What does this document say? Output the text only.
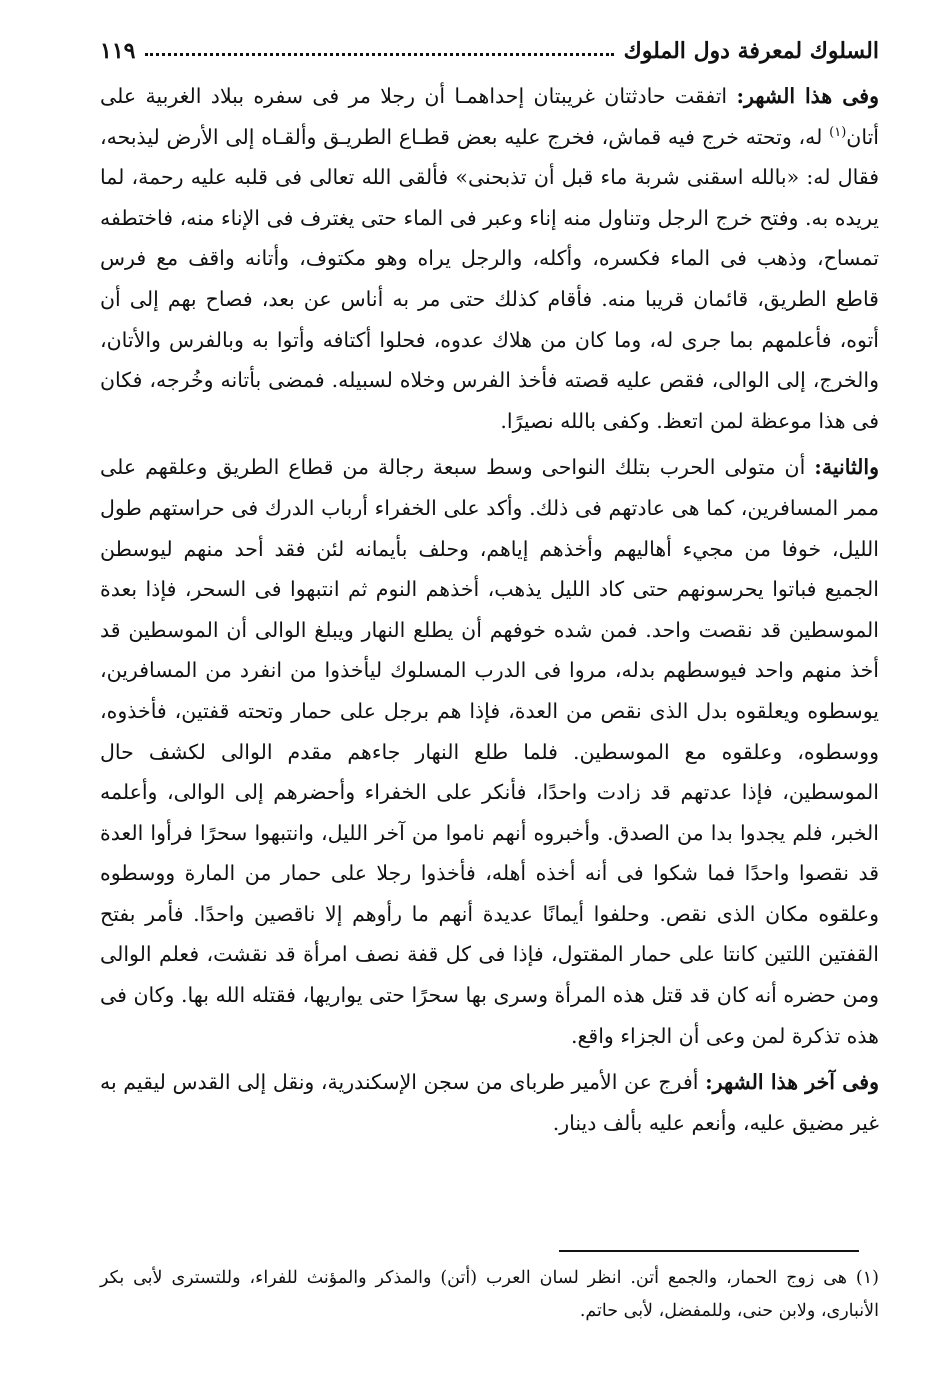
السلوك لمعرفة دول الملوك
١١٩

وفى هذا الشهر: اتفقت حادثتان غريبتان إحداهمـا أن رجلا مر فى سفره ببلاد الغربية على أتان$^{(١)}$ له، وتحته خرج فيه قماش، فخرج عليه بعض قطـاع الطريـق وألقـاه إلى الأرض ليذبحه، فقال له: «بالله اسقنى شربة ماء قبل أن تذبحنى» فألقى الله تعالى فى قلبه عليه رحمة، لما يريده به. وفتح خرج الرجل وتناول منه إناء وعبر فى الماء حتى يغترف فى الإناء منه، فاختطفه تمساح، وذهب فى الماء فكسره، وأكله، والرجل يراه وهو مكتوف، وأتانه واقف مع فرس قاطع الطريق، قائمان قريبا منه. فأقام كذلك حتى مر به أناس عن بعد، فصاح بهم إلى أن أتوه، فأعلمهم بما جرى له، وما كان من هلاك عدوه، فحلوا أكتافه وأتوا به وبالفرس والأتان، والخرج، إلى الوالى، فقص عليه قصته فأخذ الفرس وخلاه لسبيله. فمضى بأتانه وخُرجه، فكان فى هذا موعظة لمن اتعظ. وكفى بالله نصيرًا.

والثانية: أن متولى الحرب بتلك النواحى وسط سبعة رجالة من قطاع الطريق وعلقهم على ممر المسافرين، كما هى عادتهم فى ذلك. وأكد على الخفراء أرباب الدرك فى حراستهم طول الليل، خوفا من مجيء أهاليهم وأخذهم إياهم، وحلف بأيمانه لئن فقد أحد منهم ليوسطن الجميع فباتوا يحرسونهم حتى كاد الليل يذهب، أخذهم النوم ثم انتبهوا فى السحر، فإذا بعدة الموسطين قد نقصت واحد. فمن شده خوفهم أن يطلع النهار ويبلغ الوالى أن الموسطين قد أخذ منهم واحد فيوسطهم بدله، مروا فى الدرب المسلوك ليأخذوا من انفرد من المسافرين، يوسطوه ويعلقوه بدل الذى نقص من العدة، فإذا هم برجل على حمار وتحته قفتين، فأخذوه، ووسطوه، وعلقوه مع الموسطين. فلما طلع النهار جاءهم مقدم الوالى لكشف حال الموسطين، فإذا عدتهم قد زادت واحدًا، فأنكر على الخفراء وأحضرهم إلى الوالى، وأعلمه الخبر، فلم يجدوا بدا من الصدق. وأخبروه أنهم ناموا من آخر الليل، وانتبهوا سحرًا فرأوا العدة قد نقصوا واحدًا فما شكوا فى أنه أخذه أهله، فأخذوا رجلا على حمار من المارة ووسطوه وعلقوه مكان الذى نقص. وحلفوا أيمانًا عديدة أنهم ما رأوهم إلا ناقصين واحدًا. فأمر بفتح القفتين اللتين كانتا على حمار المقتول، فإذا فى كل قفة نصف امرأة قد نقشت، فعلم الوالى ومن حضره أنه كان قد قتل هذه المرأة وسرى بها سحرًا حتى يواريها، فقتله الله بها. وكان فى هذه تذكرة لمن وعى أن الجزاء واقع.

وفى آخر هذا الشهر: أفرج عن الأمير طرباى من سجن الإسكندرية، ونقل إلى القدس ليقيم به غير مضيق عليه، وأنعم عليه بألف دينار.

(١) هى زوج الحمار، والجمع أتن. انظر لسان العرب (أتن) والمذكر والمؤنث للفراء، وللتسترى لأبى بكر الأنبارى، ولابن حنى، وللمفضل، لأبى حاتم.
